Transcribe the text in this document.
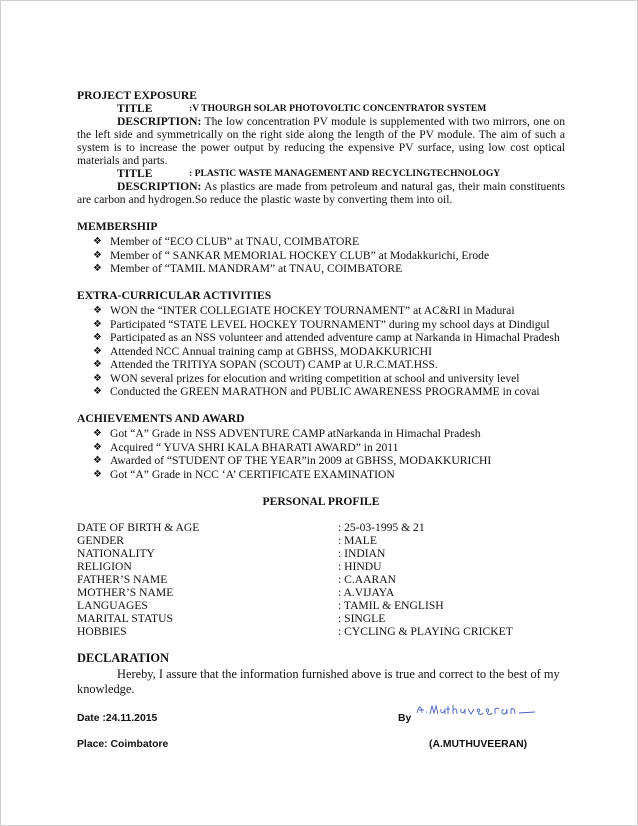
PROJECT EXPOSURE

TITLE	:V THOURGH SOLAR PHOTOVOLTIC CONCENTRATOR SYSTEM

DESCRIPTION: The low concentration PV module is supplemented with two mirrors, one on the left side and symmetrically on the right side along the length of the PV module. The aim of such a system is to increase the power output by reducing the expensive PV surface, using low cost optical materials and parts.

TITLE	: PLASTIC WASTE MANAGEMENT AND RECYCLINGTECHNOLOGY

DESCRIPTION: As plastics are made from petroleum and natural gas, their main constituents are carbon and hydrogen.So reduce the plastic waste by converting them into oil.

MEMBERSHIP

❖ Member of “ECO CLUB” at TNAU, COIMBATORE
❖ Member of “ SANKAR MEMORIAL HOCKEY CLUB” at Modakkurichi, Erode
❖ Member of “TAMIL MANDRAM” at TNAU, COIMBATORE

EXTRA-CURRICULAR ACTIVITIES

❖ WON the “INTER COLLEGIATE HOCKEY TOURNAMENT” at AC&RI in Madurai
❖ Participated “STATE LEVEL HOCKEY TOURNAMENT” during my school days at Dindigul
❖ Participated as an NSS volunteer and attended adventure camp at Narkanda in Himachal Pradesh
❖ Attended NCC Annual training camp at GBHSS, MODAKKURICHI
❖ Attended the TRITIYA SOPAN (SCOUT) CAMP at U.R.C.MAT.HSS.
❖ WON several prizes for elocution and writing competition at school and university level
❖ Conducted the GREEN MARATHON and PUBLIC AWARENESS PROGRAMME in covai

ACHIEVEMENTS AND AWARD

❖ Got “A” Grade in NSS ADVENTURE CAMP atNarkanda in Himachal Pradesh
❖ Acquired “ YUVA SHRI KALA BHARATI AWARD” in 2011
❖ Awarded of “STUDENT OF THE YEAR”in 2009 at GBHSS, MODAKKURICHI
❖ Got “A” Grade in NCC ‘A’ CERTIFICATE EXAMINATION
PERSONAL PROFILE
DATE OF BIRTH & AGE	: 25-03-1995 & 21
GENDER	: MALE
NATIONALITY	: INDIAN
RELIGION	: HINDU
FATHER’S NAME	: C.AARAN
MOTHER’S NAME	: A.VIJAYA
LANGUAGES	: TAMIL & ENGLISH
MARITAL STATUS	: SINGLE
HOBBIES	: CYCLING & PLAYING CRICKET

DECLARATION

Hereby, I assure that the information furnished above is true and correct to the best of my knowledge.

Date :24.11.2015	By
Place: Coimbatore	(A.MUTHUVEERAN)
